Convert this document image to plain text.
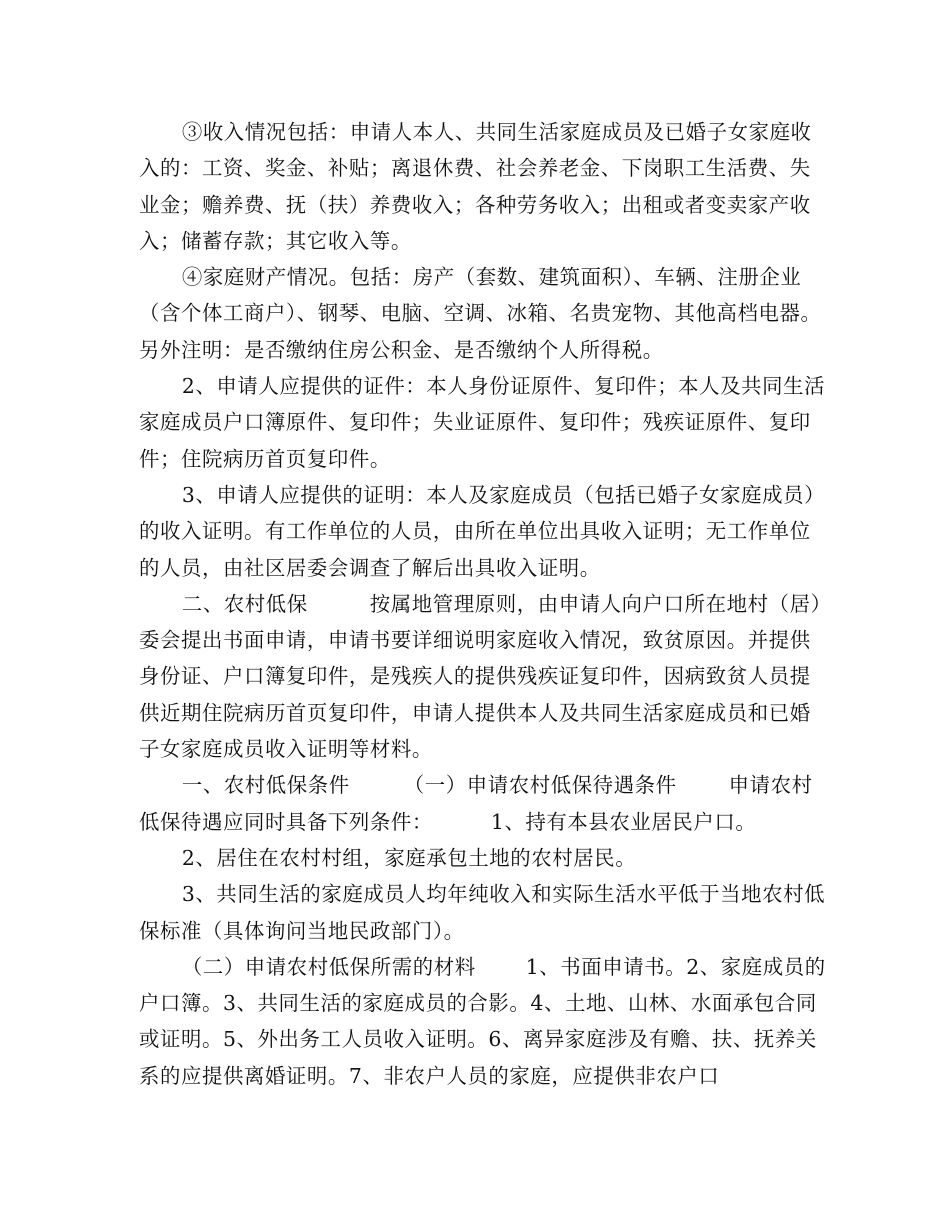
③收入情况包括：申请人本人、共同生活家庭成员及已婚子女家庭收入的：工资、奖金、补贴；离退休费、社会养老金、下岗职工生活费、失业金；赡养费、抚（扶）养费收入；各种劳务收入；出租或者变卖家产收入；储蓄存款；其它收入等。

④家庭财产情况。包括：房产（套数、建筑面积）、车辆、注册企业（含个体工商户）、钢琴、电脑、空调、冰箱、名贵宠物、其他高档电器。另外注明：是否缴纳住房公积金、是否缴纳个人所得税。

2、申请人应提供的证件：本人身份证原件、复印件；本人及共同生活家庭成员户口簿原件、复印件；失业证原件、复印件；残疾证原件、复印件；住院病历首页复印件。

3、申请人应提供的证明：本人及家庭成员（包括已婚子女家庭成员）的收入证明。有工作单位的人员，由所在单位出具收入证明；无工作单位的人员，由社区居委会调查了解后出具收入证明。

二、农村低保	按属地管理原则，由申请人向户口所在地村（居）委会提出书面申请，申请书要详细说明家庭收入情况，致贫原因。并提供身份证、户口簿复印件，是残疾人的提供残疾证复印件，因病致贫人员提供近期住院病历首页复印件，申请人提供本人及共同生活家庭成员和已婚子女家庭成员收入证明等材料。

一、农村低保条件	（一）申请农村低保待遇条件	申请农村低保待遇应同时具备下列条件：	1、持有本县农业居民户口。

2、居住在农村村组，家庭承包土地的农村居民。

3、共同生活的家庭成员人均年纯收入和实际生活水平低于当地农村低保标准（具体询问当地民政部门）。

（二）申请农村低保所需的材料 1、书面申请书。2、家庭成员的户口簿。3、共同生活的家庭成员的合影。4、土地、山林、水面承包合同或证明。5、外出务工人员收入证明。6、离异家庭涉及有赡、扶、抚养关系的应提供离婚证明。7、非农户人员的家庭，应提供非农户口
